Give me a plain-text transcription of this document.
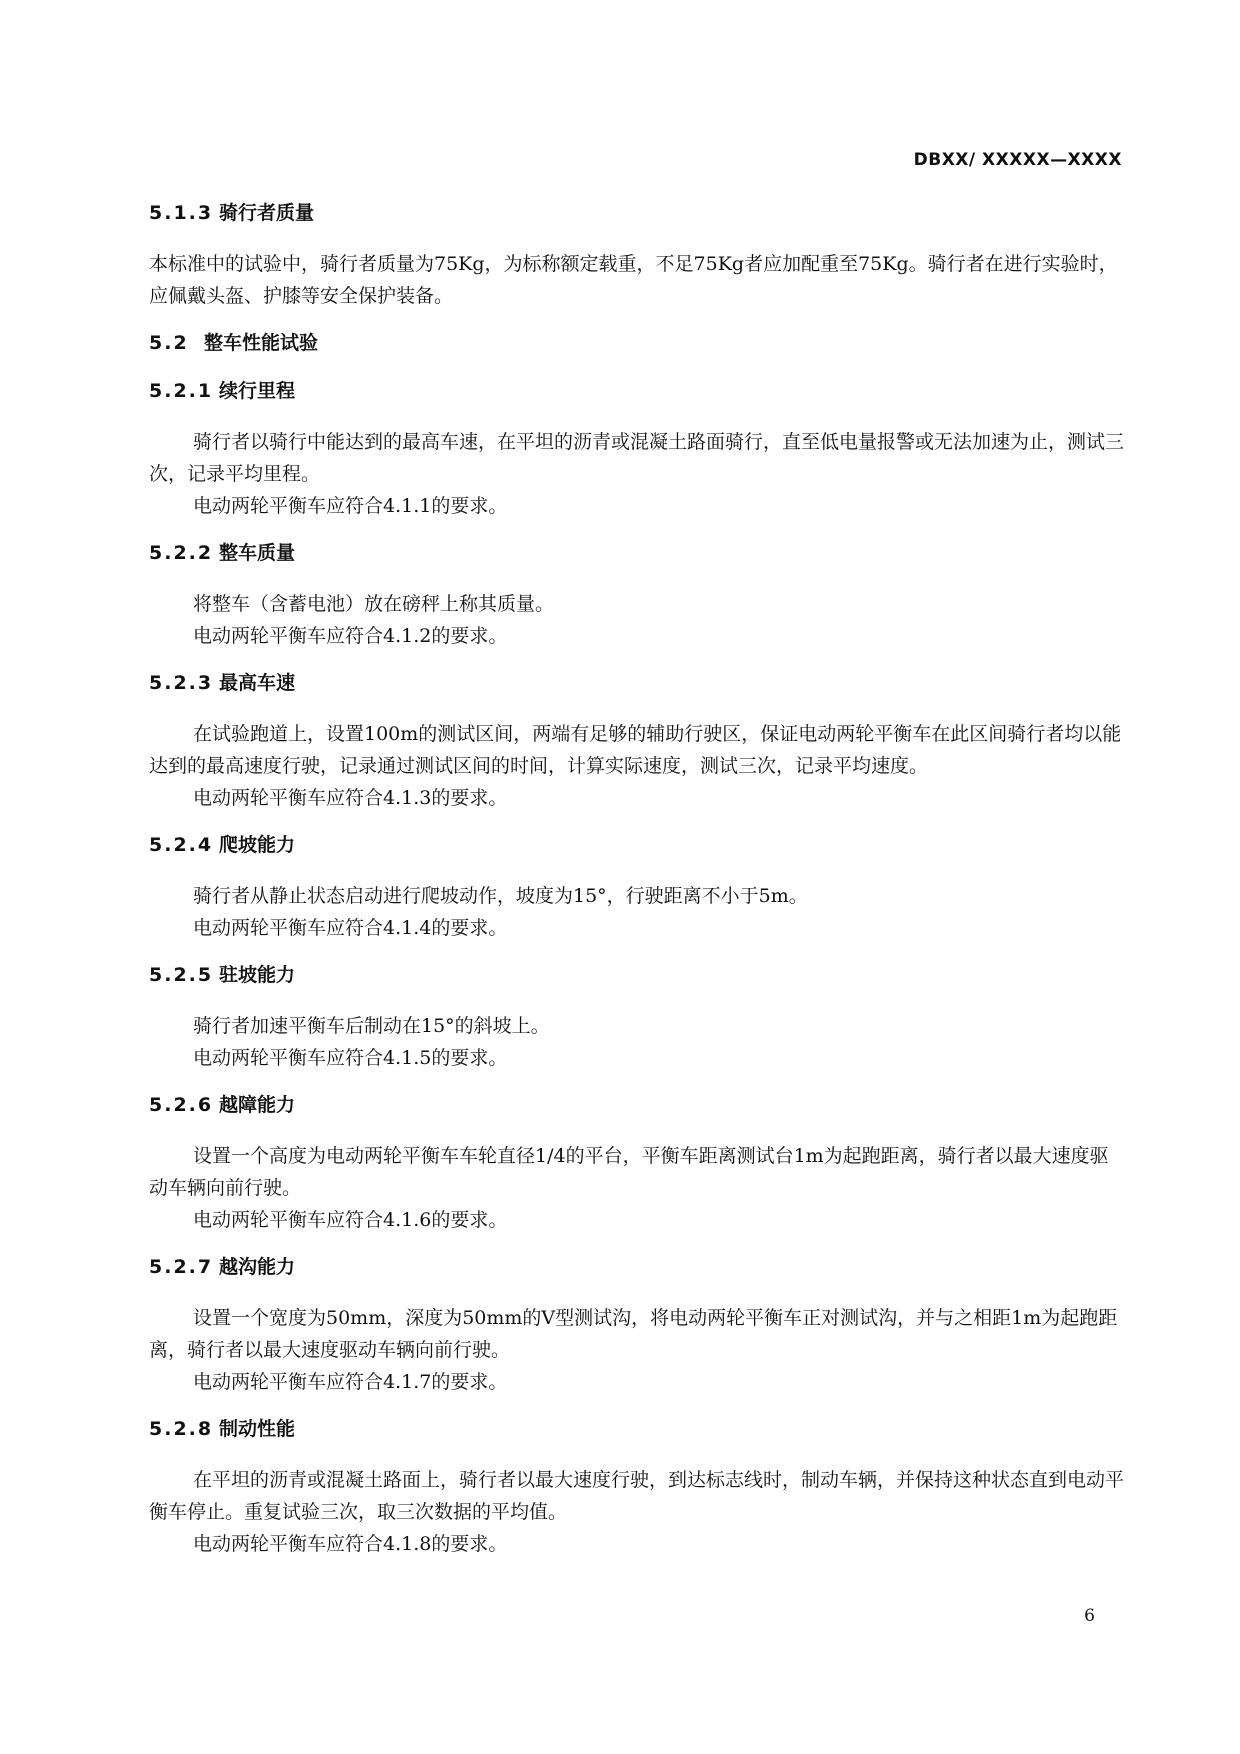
DBXX/ XXXXX—XXXX
5.1.3 骑行者质量

本标准中的试验中，骑行者质量为75Kg，为标称额定载重，不足75Kg者应加配重至75Kg。骑行者在进行实验时，应佩戴头盔、护膝等安全保护装备。

5.2 整车性能试验
5.2.1 续行里程

骑行者以骑行中能达到的最高车速，在平坦的沥青或混凝土路面骑行，直至低电量报警或无法加速为止，测试三次，记录平均里程。

电动两轮平衡车应符合4.1.1的要求。

5.2.2 整车质量

将整车（含蓄电池）放在磅秤上称其质量。

电动两轮平衡车应符合4.1.2的要求。

5.2.3 最高车速

在试验跑道上，设置100m的测试区间，两端有足够的辅助行驶区，保证电动两轮平衡车在此区间骑行者均以能达到的最高速度行驶，记录通过测试区间的时间，计算实际速度，测试三次，记录平均速度。

电动两轮平衡车应符合4.1.3的要求。

5.2.4 爬坡能力

骑行者从静止状态启动进行爬坡动作，坡度为15°，行驶距离不小于5m。

电动两轮平衡车应符合4.1.4的要求。

5.2.5 驻坡能力

骑行者加速平衡车后制动在15°的斜坡上。

电动两轮平衡车应符合4.1.5的要求。

5.2.6 越障能力

设置一个高度为电动两轮平衡车车轮直径1/4的平台，平衡车距离测试台1m为起跑距离，骑行者以最大速度驱动车辆向前行驶。

电动两轮平衡车应符合4.1.6的要求。

5.2.7 越沟能力

设置一个宽度为50mm，深度为50mm的V型测试沟，将电动两轮平衡车正对测试沟，并与之相距1m为起跑距离，骑行者以最大速度驱动车辆向前行驶。

电动两轮平衡车应符合4.1.7的要求。

5.2.8 制动性能

在平坦的沥青或混凝土路面上，骑行者以最大速度行驶，到达标志线时，制动车辆，并保持这种状态直到电动平衡车停止。重复试验三次，取三次数据的平均值。

电动两轮平衡车应符合4.1.8的要求。

6
